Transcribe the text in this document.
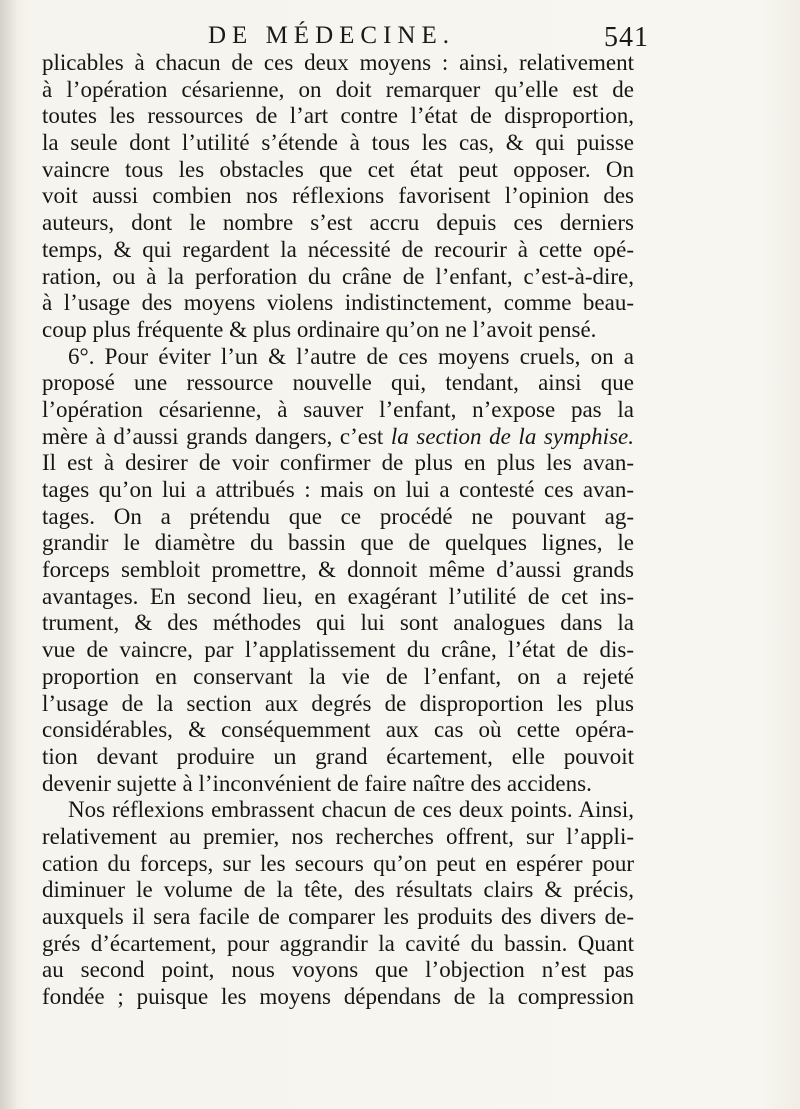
DE MÉDECINE.	541
plicables à chacun de ces deux moyens : ainsi, relativement
à l’opération césarienne, on doit remarquer qu’elle est de
toutes les ressources de l’art contre l’état de disproportion,
la seule dont l’utilité s’étende à tous les cas, & qui puisse
vaincre tous les obstacles que cet état peut opposer. On
voit aussi combien nos réflexions favorisent l’opinion des
auteurs, dont le nombre s’est accru depuis ces derniers
temps, & qui regardent la nécessité de recourir à cette opé-
ration, ou à la perforation du crâne de l’enfant, c’est-à-dire,
à l’usage des moyens violens indistinctement, comme beau-
coup plus fréquente & plus ordinaire qu’on ne l’avoit pensé.
6°. Pour éviter l’un & l’autre de ces moyens cruels, on a
proposé une ressource nouvelle qui, tendant, ainsi que
l’opération césarienne, à sauver l’enfant, n’expose pas la
mère à d’aussi grands dangers, c’est la section de la symphise.
Il est à desirer de voir confirmer de plus en plus les avan-
tages qu’on lui a attribués : mais on lui a contesté ces avan-
tages. On a prétendu que ce procédé ne pouvant ag-
grandir le diamètre du bassin que de quelques lignes, le
forceps sembloit promettre, & donnoit même d’aussi grands
avantages. En second lieu, en exagérant l’utilité de cet ins-
trument, & des méthodes qui lui sont analogues dans la
vue de vaincre, par l’applatissement du crâne, l’état de dis-
proportion en conservant la vie de l’enfant, on a rejeté
l’usage de la section aux degrés de disproportion les plus
considérables, & conséquemment aux cas où cette opéra-
tion devant produire un grand écartement, elle pouvoit
devenir sujette à l’inconvénient de faire naître des accidens.
Nos réflexions embrassent chacun de ces deux points. Ainsi,
relativement au premier, nos recherches offrent, sur l’appli-
cation du forceps, sur les secours qu’on peut en espérer pour
diminuer le volume de la tête, des résultats clairs & précis,
auxquels il sera facile de comparer les produits des divers de-
grés d’écartement, pour aggrandir la cavité du bassin. Quant
au second point, nous voyons que l’objection n’est pas
fondée ; puisque les moyens dépendans de la compression
